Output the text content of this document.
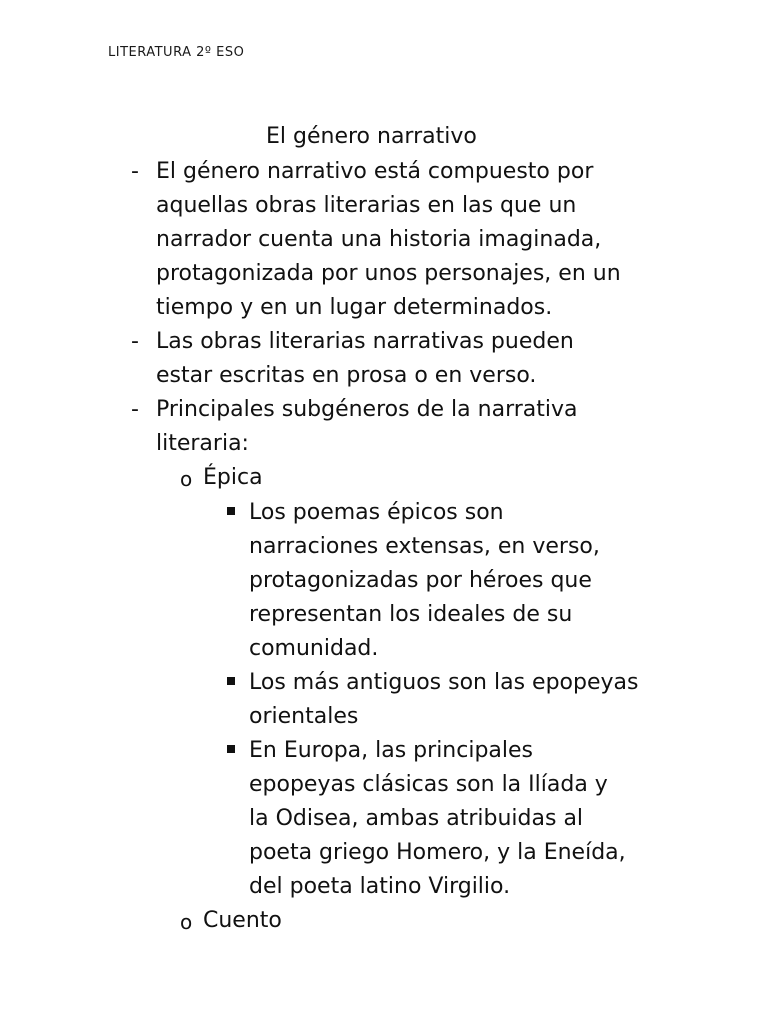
LITERATURA 2º ESO
El género narrativo
- El género narrativo está compuesto por
aquellas obras literarias en las que un
narrador cuenta una historia imaginada,
protagonizada por unos personajes, en un
tiempo y en un lugar determinados.
- Las obras literarias narrativas pueden
estar escritas en prosa o en verso.
- Principales subgéneros de la narrativa
literaria:
o Épica
Los poemas épicos son
narraciones extensas, en verso,
protagonizadas por héroes que
representan los ideales de su
comunidad.
Los más antiguos son las epopeyas
orientales
En Europa, las principales
epopeyas clásicas son la Ilíada y
la Odisea, ambas atribuidas al
poeta griego Homero, y la Eneída,
del poeta latino Virgilio.
o Cuento
